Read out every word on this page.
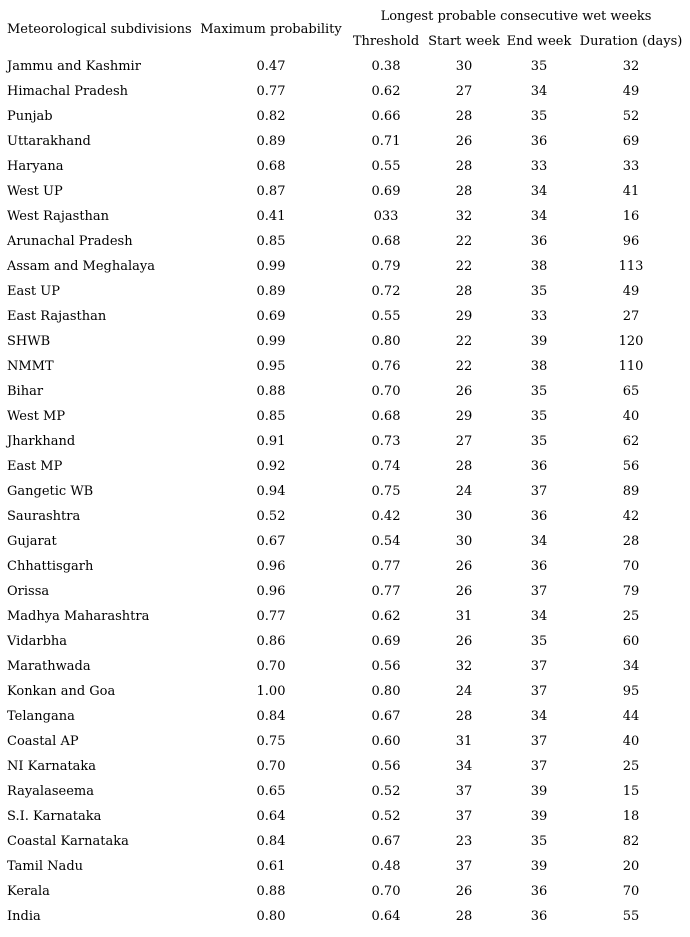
Meteorological subdivisions	Maximum probability	Longest probable consecutive wet weeks			
		Threshold	Start week	End week	Duration (days)
Jammu and Kashmir	0.47	0.38	30	35	32
Himachal Pradesh	0.77	0.62	27	34	49
Punjab	0.82	0.66	28	35	52
Uttarakhand	0.89	0.71	26	36	69
Haryana	0.68	0.55	28	33	33
West UP	0.87	0.69	28	34	41
West Rajasthan	0.41	033	32	34	16
Arunachal Pradesh	0.85	0.68	22	36	96
Assam and Meghalaya	0.99	0.79	22	38	113
East UP	0.89	0.72	28	35	49
East Rajasthan	0.69	0.55	29	33	27
SHWB	0.99	0.80	22	39	120
NMMT	0.95	0.76	22	38	110
Bihar	0.88	0.70	26	35	65
West MP	0.85	0.68	29	35	40
Jharkhand	0.91	0.73	27	35	62
East MP	0.92	0.74	28	36	56
Gangetic WB	0.94	0.75	24	37	89
Saurashtra	0.52	0.42	30	36	42
Gujarat	0.67	0.54	30	34	28
Chhattisgarh	0.96	0.77	26	36	70
Orissa	0.96	0.77	26	37	79
Madhya Maharashtra	0.77	0.62	31	34	25
Vidarbha	0.86	0.69	26	35	60
Marathwada	0.70	0.56	32	37	34
Konkan and Goa	1.00	0.80	24	37	95
Telangana	0.84	0.67	28	34	44
Coastal AP	0.75	0.60	31	37	40
NI Karnataka	0.70	0.56	34	37	25
Rayalaseema	0.65	0.52	37	39	15
S.I. Karnataka	0.64	0.52	37	39	18
Coastal Karnataka	0.84	0.67	23	35	82
Tamil Nadu	0.61	0.48	37	39	20
Kerala	0.88	0.70	26	36	70
India	0.80	0.64	28	36	55
